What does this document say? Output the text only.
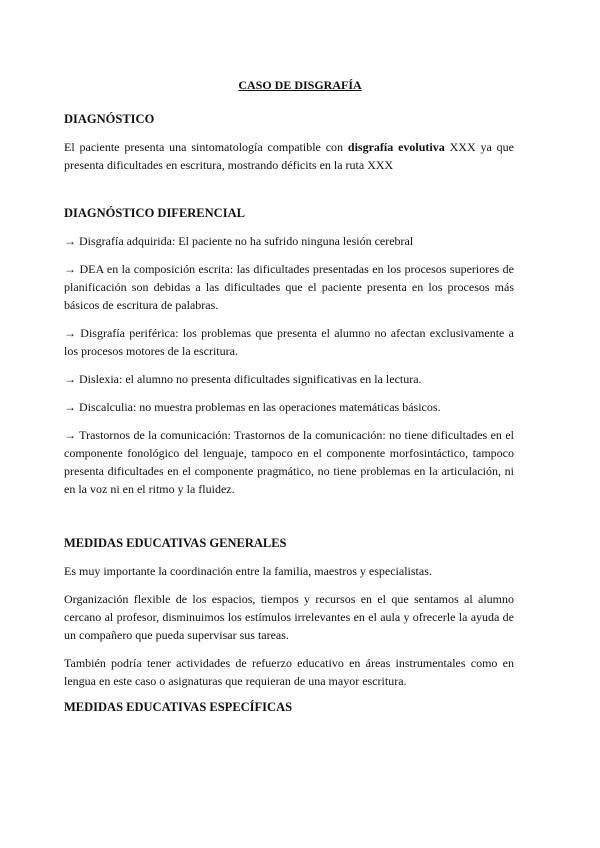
CASO DE DISGRAFÍA
DIAGNÓSTICO

El paciente presenta una sintomatología compatible con disgrafía evolutiva XXX ya que presenta dificultades en escritura, mostrando déficits en la ruta XXX

DIAGNÓSTICO DIFERENCIAL

→ Disgrafía adquirida: El paciente no ha sufrido ninguna lesión cerebral

→ DEA en la composición escrita: las dificultades presentadas en los procesos superiores de planificación son debidas a las dificultades que el paciente presenta en los procesos más básicos de escritura de palabras.

→ Disgrafía periférica: los problemas que presenta el alumno no afectan exclusivamente a los procesos motores de la escritura.

→ Dislexia: el alumno no presenta dificultades significativas en la lectura.

→ Discalculia: no muestra problemas en las operaciones matemáticas básicos.

→ Trastornos de la comunicación: Trastornos de la comunicación: no tiene dificultades en el componente fonológico del lenguaje, tampoco en el componente morfosintáctico, tampoco presenta dificultades en el componente pragmático, no tiene problemas en la articulación, ni en la voz ni en el ritmo y la fluidez.

MEDIDAS EDUCATIVAS GENERALES

Es muy importante la coordinación entre la familia, maestros y especialistas.

Organización flexible de los espacios, tiempos y recursos en el que sentamos al alumno cercano al profesor, disminuimos los estímulos irrelevantes en el aula y ofrecerle la ayuda de un compañero que pueda supervisar sus tareas.

También podría tener actividades de refuerzo educativo en áreas instrumentales como en lengua en este caso o asignaturas que requieran de una mayor escritura.

MEDIDAS EDUCATIVAS ESPECÍFICAS
